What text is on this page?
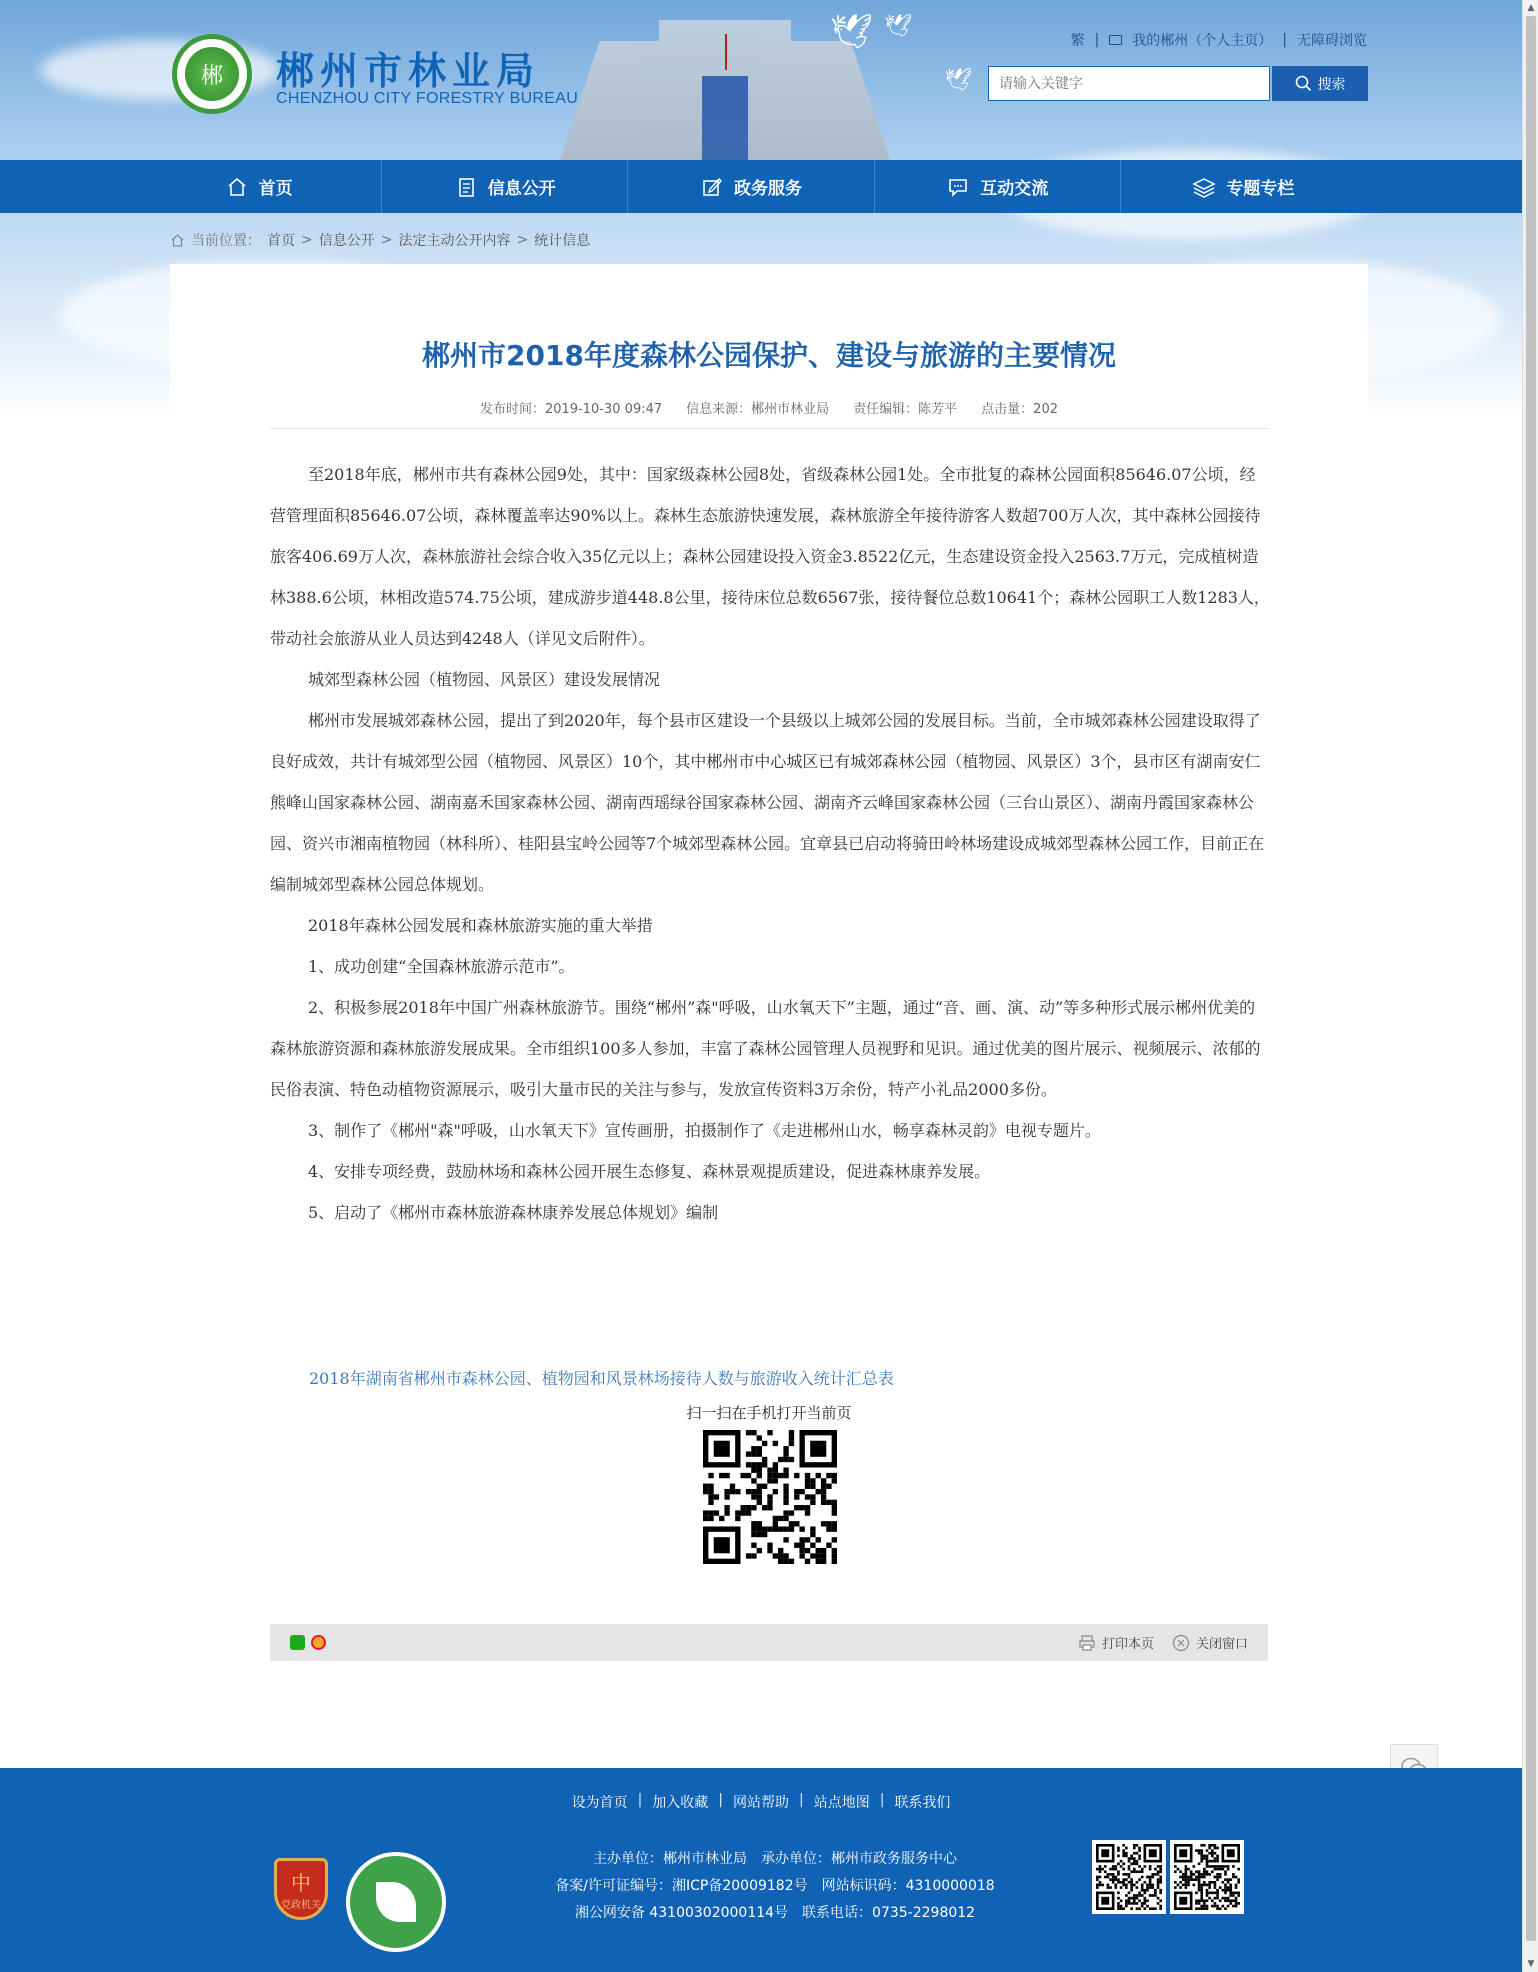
郴	郴州市林业局
CHENZHOU CITY FORESTRY BUREAU
🕊 🕊
🕊
繁 | 我的郴州（个人主页） | 无障碍浏览
请输入关键字
搜索
首页	信息公开	政务服务	互动交流	专题专栏
当前位置： 首页 > 信息公开 > 法定主动公开内容 > 统计信息
郴州市2018年度森林公园保护、建设与旅游的主要情况
发布时间：2019-10-30 09:47 信息来源：郴州市林业局 责任编辑：陈芳平 点击量：202

至2018年底，郴州市共有森林公园9处，其中：国家级森林公园8处，省级森林公园1处。全市批复的森林公园面积85646.07公顷，经营管理面积85646.07公顷，森林覆盖率达90%以上。森林生态旅游快速发展，森林旅游全年接待游客人数超700万人次，其中森林公园接待旅客406.69万人次，森林旅游社会综合收入35亿元以上；森林公园建设投入资金3.8522亿元，生态建设资金投入2563.7万元，完成植树造林388.6公顷，林相改造574.75公顷，建成游步道448.8公里，接待床位总数6567张，接待餐位总数10641个；森林公园职工人数1283人，带动社会旅游从业人员达到4248人（详见文后附件）。

城郊型森林公园（植物园、风景区）建设发展情况

郴州市发展城郊森林公园，提出了到2020年，每个县市区建设一个县级以上城郊公园的发展目标。当前，全市城郊森林公园建设取得了良好成效，共计有城郊型公园（植物园、风景区）10个，其中郴州市中心城区已有城郊森林公园（植物园、风景区）3个，县市区有湖南安仁熊峰山国家森林公园、湖南嘉禾国家森林公园、湖南西瑶绿谷国家森林公园、湖南齐云峰国家森林公园（三台山景区）、湖南丹霞国家森林公园、资兴市湘南植物园（林科所）、桂阳县宝岭公园等7个城郊型森林公园。宜章县已启动将骑田岭林场建设成城郊型森林公园工作，目前正在编制城郊型森林公园总体规划。

2018年森林公园发展和森林旅游实施的重大举措

1、成功创建“全国森林旅游示范市”。

2、积极参展2018年中国广州森林旅游节。围绕“郴州”森"呼吸，山水氧天下”主题，通过“音、画、演、动”等多种形式展示郴州优美的森林旅游资源和森林旅游发展成果。全市组织100多人参加，丰富了森林公园管理人员视野和见识。通过优美的图片展示、视频展示、浓郁的民俗表演、特色动植物资源展示，吸引大量市民的关注与参与，发放宣传资料3万余份，特产小礼品2000多份。

3、制作了《郴州"森"呼吸，山水氧天下》宣传画册，拍摄制作了《走进郴州山水，畅享森林灵韵》电视专题片。

4、安排专项经费，鼓励林场和森林公园开展生态修复、森林景观提质建设，促进森林康养发展。

5、启动了《郴州市森林旅游森林康养发展总体规划》编制

2018年湖南省郴州市森林公园、植物园和风景林场接待人数与旅游收入统计汇总表
扫一扫在手机打开当前页
打印本页	关闭窗口
设为首页 | 加入收藏 | 网站帮助 | 站点地图 | 联系我们
中
党政机关
主办单位：郴州市林业局　承办单位：郴州市政务服务中心
备案/许可证编号：湘ICP备20009182号　网站标识码：4310000018
湘公网安备 43100302000114号　联系电话：0735-2298012
▲
▼
